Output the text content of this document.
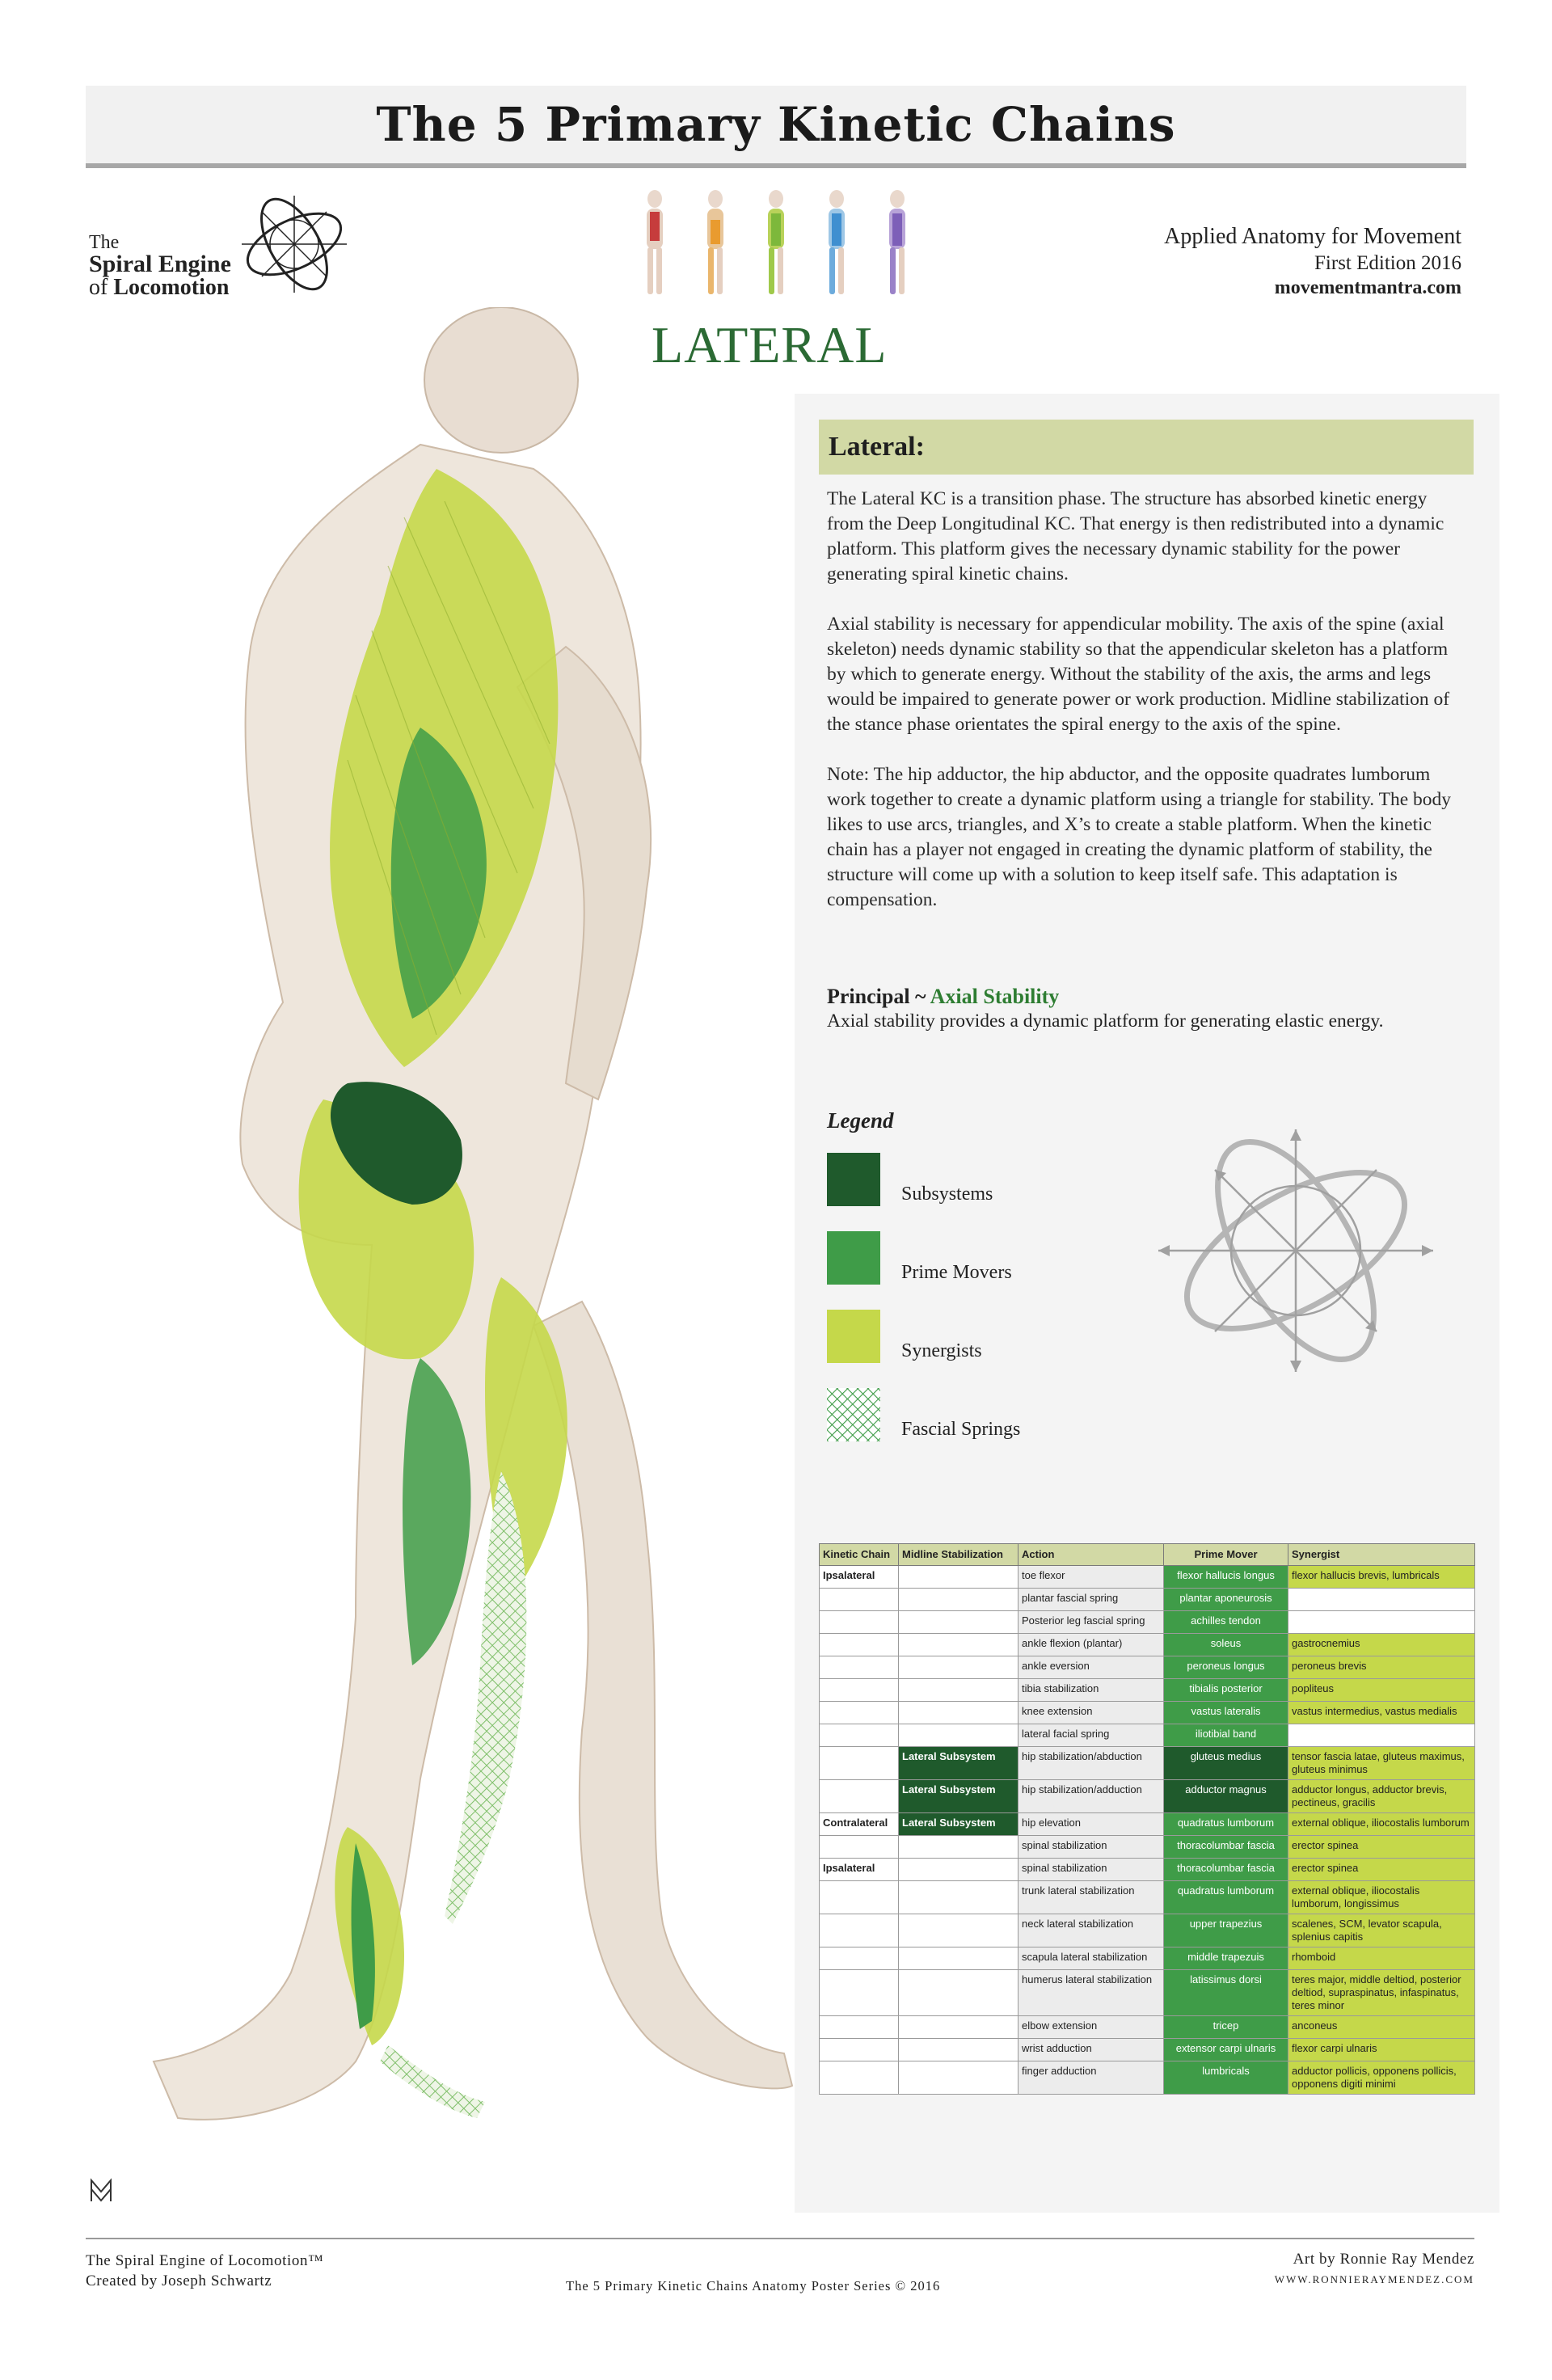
The 5 Primary Kinetic Chains
The
Spiral Engine
of Locomotion
LATERAL
Applied Anatomy for Movement
First Edition 2016
movementmantra.com
Lateral:

The Lateral KC is a transition phase. The structure has absorbed kinetic energy from the Deep Longitudinal KC. That energy is then redistributed into a dynamic platform. This platform gives the necessary dynamic stability for the power generating spiral kinetic chains.

Axial stability is necessary for appendicular mobility. The axis of the spine (axial skeleton) needs dynamic stability so that the appendicular skeleton has a platform by which to generate energy. Without the stability of the axis, the arms and legs would be impaired to generate power or work production. Midline stabilization of the stance phase orientates the spiral energy to the axis of the spine.

Note: The hip adductor, the hip abductor, and the opposite quadrates lumborum work together to create a dynamic platform using a triangle for stability. The body likes to use arcs, triangles, and X’s to create a stable platform. When the kinetic chain has a player not engaged in creating the dynamic platform of stability, the structure will come up with a solution to keep itself safe. This adaptation is compensation.

Principal ~ Axial Stability
Axial stability provides a dynamic platform for generating elastic energy.
Legend
Subsystems
Prime Movers
Synergists
Fascial Springs
Kinetic Chain	Midline Stabilization	Action	Prime Mover	Synergist
Ipsalateral		toe flexor	flexor hallucis longus	flexor hallucis brevis, lumbricals
		plantar fascial spring	plantar aponeurosis	
		Posterior leg fascial spring	achilles tendon	
		ankle flexion (plantar)	soleus	gastrocnemius
		ankle eversion	peroneus longus	peroneus brevis
		tibia stabilization	tibialis posterior	popliteus
		knee extension	vastus lateralis	vastus intermedius, vastus medialis
		lateral facial spring	iliotibial band	
	Lateral Subsystem	hip stabilization/abduction	gluteus medius	tensor fascia latae, gluteus maximus, gluteus minimus
	Lateral Subsystem	hip stabilization/adduction	adductor magnus	adductor longus, adductor brevis, pectineus, gracilis
Contralateral	Lateral Subsystem	hip elevation	quadratus lumborum	external oblique, iliocostalis lumborum
		spinal stabilization	thoracolumbar fascia	erector spinea
Ipsalateral		spinal stabilization	thoracolumbar fascia	erector spinea
		trunk lateral stabilization	quadratus lumborum	external oblique, iliocostalis lumborum, longissimus
		neck lateral stabilization	upper trapezius	scalenes, SCM, levator scapula, splenius capitis
		scapula lateral stabilization	middle trapezuis	rhomboid
		humerus lateral stabilization	latissimus dorsi	teres major, middle deltiod, posterior deltiod, supraspinatus, infaspinatus, teres minor
		elbow extension	tricep	anconeus
		wrist adduction	extensor carpi ulnaris	flexor carpi ulnaris
		finger adduction	lumbricals	adductor pollicis, opponens pollicis, opponens digiti minimi
The Spiral Engine of Locomotion™
Created by Joseph Schwartz	The 5 Primary Kinetic Chains Anatomy Poster Series © 2016
Art by Ronnie Ray Mendez
WWW.RONNIERAYMENDEZ.COM
